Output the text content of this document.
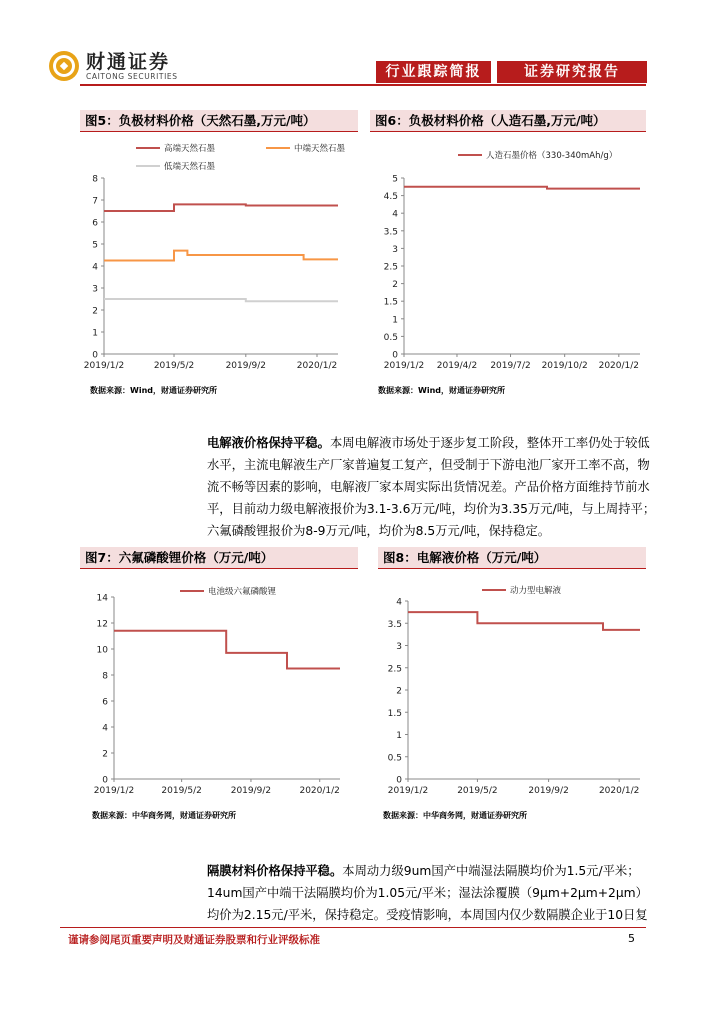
财通证券
CAITONG SECURITIES	行业跟踪简报	证券研究报告
图5：负极材料价格（天然石墨,万元/吨）	图6：负极材料价格（人造石墨,万元/吨）
0
1
2
3
4
5
6
7
8
2019/1/2	2019/5/2	2019/9/2	2020/1/2
高端天然石墨	中端天然石墨
低端天然石墨
0
0.5
1
1.5
2
2.5
3
3.5
4
4.5
5
2019/1/2 2019/4/2 2019/7/2 2019/10/2 2020/1/2
人造石墨价格（330-340mAh/g）
数据来源：Wind，财通证券研究所	数据来源：Wind，财通证券研究所
电解液价格保持平稳。本周电解液市场处于逐步复工阶段，整体开工率仍处于较低水平，主流电解液生产厂家普遍复工复产，但受制于下游电池厂家开工率不高，物流不畅等因素的影响，电解液厂家本周实际出货情况差。产品价格方面维持节前水平，目前动力级电解液报价为3.1-3.6万元/吨，均价为3.35万元/吨，与上周持平；六氟磷酸锂报价为8-9万元/吨，均价为8.5万元/吨，保持稳定。
图7：六氟磷酸锂价格（万元/吨）	图8：电解液价格（万元/吨）
0
2
4
6
8
10
12
14
2019/1/2	2019/5/2	2019/9/2	2020/1/2
电池级六氟磷酸锂
0
0.5
1
1.5
2
2.5
3
3.5
4
2019/1/2	2019/5/2	2019/9/2	2020/1/2
动力型电解液
数据来源：中华商务网，财通证券研究所	数据来源：中华商务网，财通证券研究所
隔膜材料价格保持平稳。本周动力级9um国产中端湿法隔膜均价为1.5元/平米；14um国产中端干法隔膜均价为1.05元/平米；湿法涂覆膜（9μm+2μm+2μm）均价为2.15元/平米，保持稳定。受疫情影响，本周国内仅少数隔膜企业于10日复
谨请参阅尾页重要声明及财通证券股票和行业评级标准	5
